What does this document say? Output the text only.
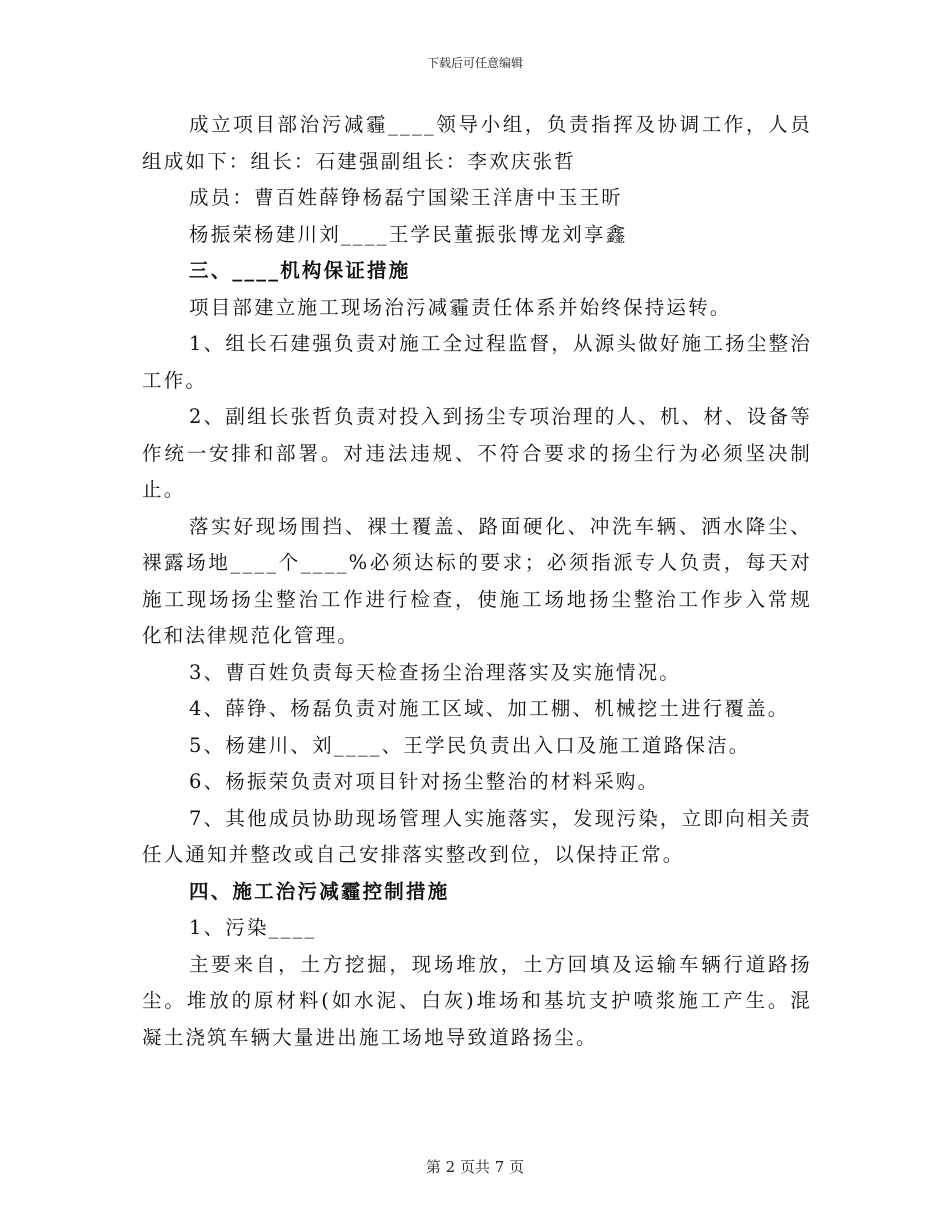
下载后可任意编辑

成立项目部治污减霾____领导小组，负责指挥及协调工作，人员组成如下：组长：石建强副组长：李欢庆张哲

成员：曹百姓薛铮杨磊宁国梁王洋唐中玉王昕

杨振荣杨建川刘____王学民董振张博龙刘享鑫

三、____机构保证措施

项目部建立施工现场治污减霾责任体系并始终保持运转。

1、组长石建强负责对施工全过程监督，从源头做好施工扬尘整治工作。

2、副组长张哲负责对投入到扬尘专项治理的人、机、材、设备等作统一安排和部署。对违法违规、不符合要求的扬尘行为必须坚决制止。

落实好现场围挡、裸土覆盖、路面硬化、冲洗车辆、洒水降尘、裸露场地____个____%必须达标的要求；必须指派专人负责，每天对施工现场扬尘整治工作进行检查，使施工场地扬尘整治工作步入常规化和法律规范化管理。

3、曹百姓负责每天检查扬尘治理落实及实施情况。

4、薛铮、杨磊负责对施工区域、加工棚、机械挖土进行覆盖。

5、杨建川、刘____、王学民负责出入口及施工道路保洁。

6、杨振荣负责对项目针对扬尘整治的材料采购。

7、其他成员协助现场管理人实施落实，发现污染，立即向相关责任人通知并整改或自己安排落实整改到位，以保持正常。

四、施工治污减霾控制措施

1、污染____

主要来自，土方挖掘，现场堆放，土方回填及运输车辆行道路扬尘。堆放的原材料(如水泥、白灰)堆场和基坑支护喷浆施工产生。混凝土浇筑车辆大量进出施工场地导致道路扬尘。

第 2 页共 7 页
